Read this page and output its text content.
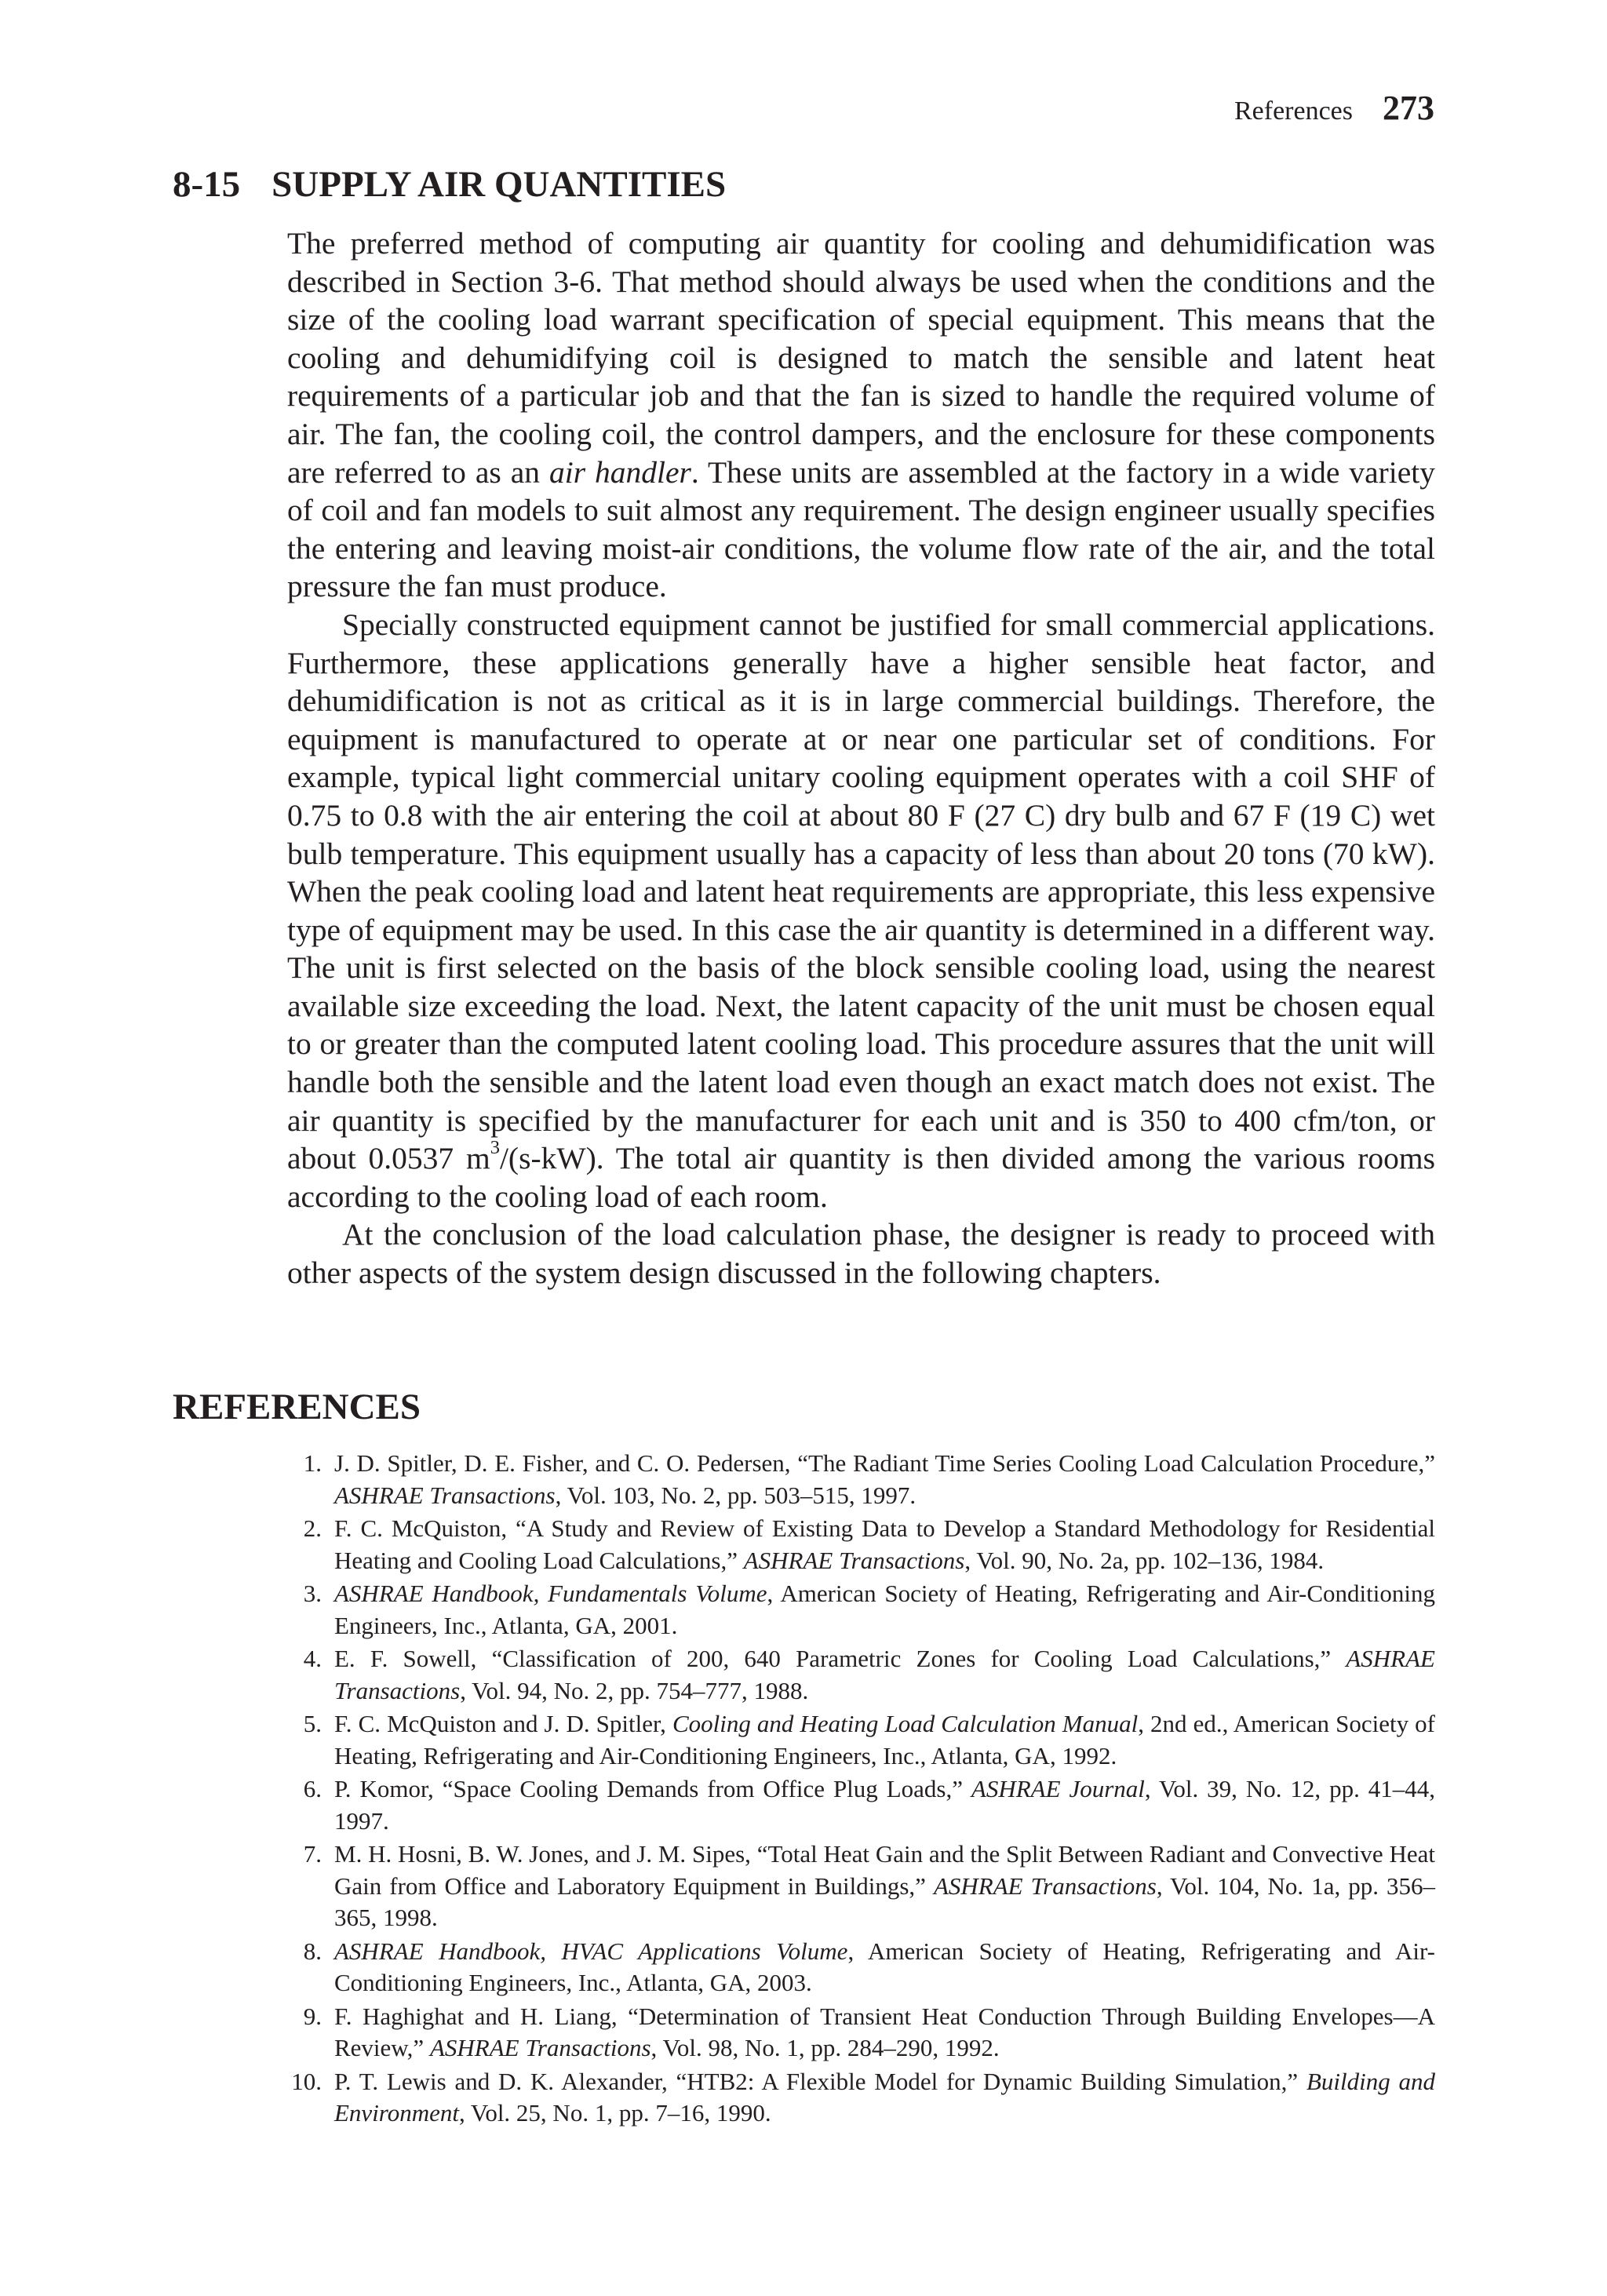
References 273
8-15 SUPPLY AIR QUANTITIES

The preferred method of computing air quantity for cooling and dehumidification was described in Section 3-6. That method should always be used when the conditions and the size of the cooling load warrant specification of special equipment. This means that the cooling and dehumidifying coil is designed to match the sensible and latent heat requirements of a particular job and that the fan is sized to handle the required volume of air. The fan, the cooling coil, the control dampers, and the enclosure for these components are referred to as an air handler. These units are assembled at the factory in a wide variety of coil and fan models to suit almost any requirement. The design engineer usually specifies the entering and leaving moist-air conditions, the volume flow rate of the air, and the total pressure the fan must produce.

Specially constructed equipment cannot be justified for small commercial applications. Furthermore, these applications generally have a higher sensible heat factor, and dehumidification is not as critical as it is in large commercial buildings. Therefore, the equipment is manufactured to operate at or near one particular set of conditions. For example, typical light commercial unitary cooling equipment operates with a coil SHF of 0.75 to 0.8 with the air entering the coil at about 80 F (27 C) dry bulb and 67 F (19 C) wet bulb temperature. This equipment usually has a capacity of less than about 20 tons (70 kW). When the peak cooling load and latent heat requirements are appropriate, this less expensive type of equipment may be used. In this case the air quantity is determined in a different way. The unit is first selected on the basis of the block sensible cooling load, using the nearest available size exceeding the load. Next, the latent capacity of the unit must be chosen equal to or greater than the computed latent cooling load. This procedure assures that the unit will handle both the sensible and the latent load even though an exact match does not exist. The air quantity is specified by the manufacturer for each unit and is 350 to 400 cfm/ton, or about 0.0537 $m^3/(s-kW)$. The total air quantity is then divided among the various rooms according to the cooling load of each room.

At the conclusion of the load calculation phase, the designer is ready to proceed with other aspects of the system design discussed in the following chapters.

REFERENCES
1. J. D. Spitler, D. E. Fisher, and C. O. Pedersen, “The Radiant Time Series Cooling Load Calculation Procedure,” ASHRAE Transactions, Vol. 103, No. 2, pp. 503–515, 1997.
2. F. C. McQuiston, “A Study and Review of Existing Data to Develop a Standard Methodology for Residential Heating and Cooling Load Calculations,” ASHRAE Transactions, Vol. 90, No. 2a, pp. 102–136, 1984.
3. ASHRAE Handbook, Fundamentals Volume, American Society of Heating, Refrigerating and Air-Conditioning Engineers, Inc., Atlanta, GA, 2001.
4. E. F. Sowell, “Classification of 200, 640 Parametric Zones for Cooling Load Calculations,” ASHRAE Transactions, Vol. 94, No. 2, pp. 754–777, 1988.
5. F. C. McQuiston and J. D. Spitler, Cooling and Heating Load Calculation Manual, 2nd ed., American Society of Heating, Refrigerating and Air-Conditioning Engineers, Inc., Atlanta, GA, 1992.
6. P. Komor, “Space Cooling Demands from Office Plug Loads,” ASHRAE Journal, Vol. 39, No. 12, pp. 41–44, 1997.
7. M. H. Hosni, B. W. Jones, and J. M. Sipes, “Total Heat Gain and the Split Between Radiant and Convective Heat Gain from Office and Laboratory Equipment in Buildings,” ASHRAE Transactions, Vol. 104, No. 1a, pp. 356–365, 1998.
8. ASHRAE Handbook, HVAC Applications Volume, American Society of Heating, Refrigerating and Air-Conditioning Engineers, Inc., Atlanta, GA, 2003.
9. F. Haghighat and H. Liang, “Determination of Transient Heat Conduction Through Building Envelopes—A Review,” ASHRAE Transactions, Vol. 98, No. 1, pp. 284–290, 1992.
10. P. T. Lewis and D. K. Alexander, “HTB2: A Flexible Model for Dynamic Building Simulation,” Building and Environment, Vol. 25, No. 1, pp. 7–16, 1990.
